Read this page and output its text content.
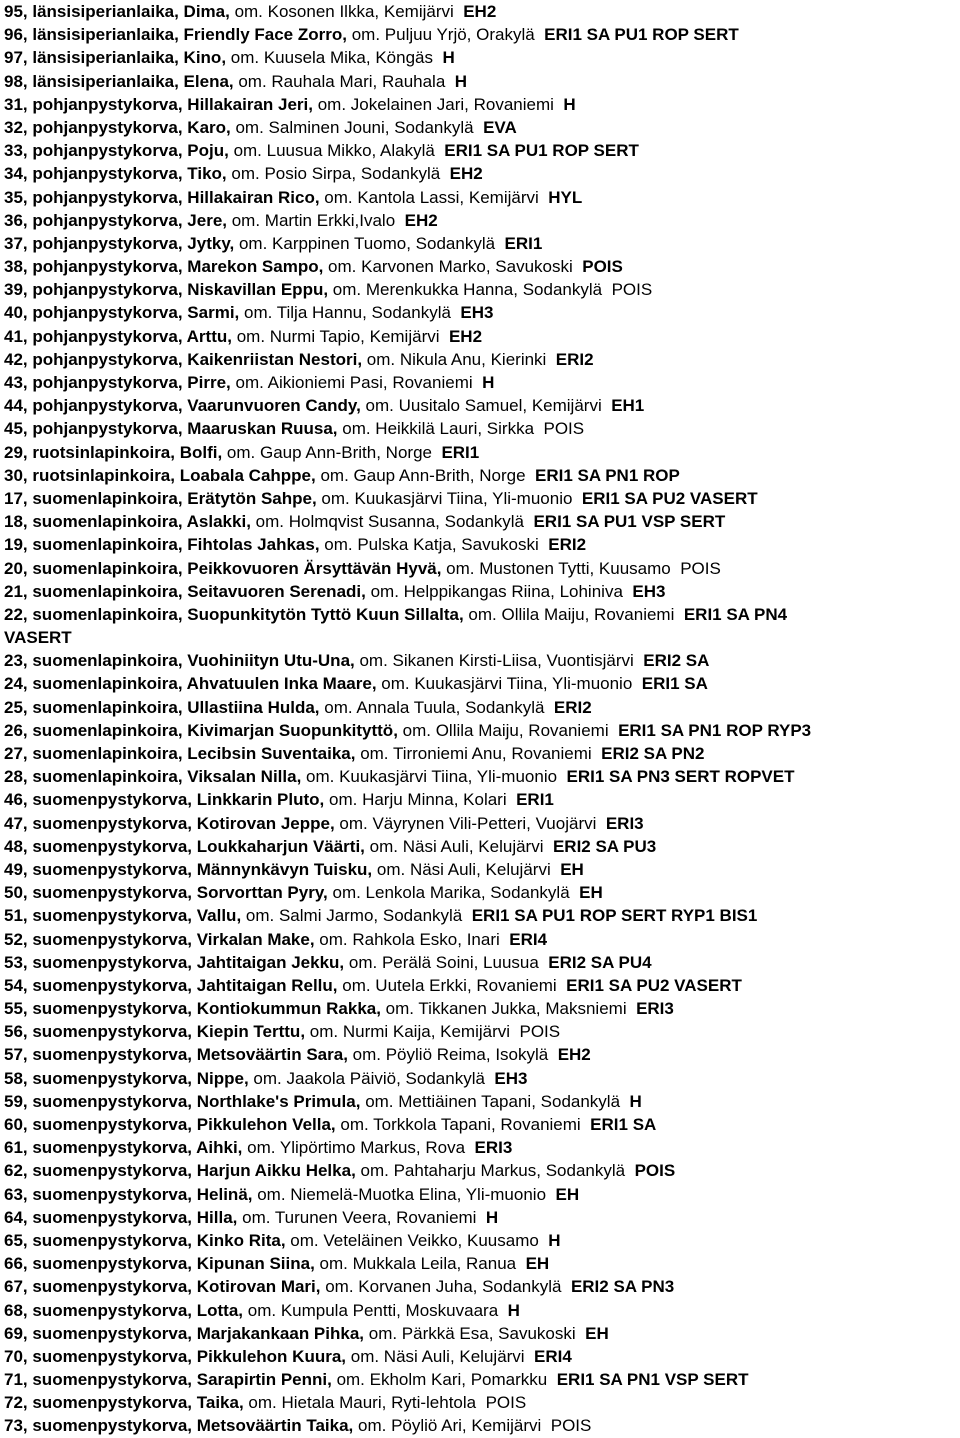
95, länsisiperianlaika, Dima, om. Kosonen Ilkka, Kemijärvi EH2
96, länsisiperianlaika, Friendly Face Zorro, om. Puljuu Yrjö, Orakylä ERI1 SA PU1 ROP SERT
97, länsisiperianlaika, Kino, om. Kuusela Mika, Köngäs H
98, länsisiperianlaika, Elena, om. Rauhala Mari, Rauhala H
31, pohjanpystykorva, Hillakairan Jeri, om. Jokelainen Jari, Rovaniemi H
32, pohjanpystykorva, Karo, om. Salminen Jouni, Sodankylä EVA
33, pohjanpystykorva, Poju, om. Luusua Mikko, Alakylä ERI1 SA PU1 ROP SERT
34, pohjanpystykorva, Tiko, om. Posio Sirpa, Sodankylä EH2
35, pohjanpystykorva, Hillakairan Rico, om. Kantola Lassi, Kemijärvi HYL
36, pohjanpystykorva, Jere, om. Martin Erkki,Ivalo EH2
37, pohjanpystykorva, Jytky, om. Karppinen Tuomo, Sodankylä ERI1
38, pohjanpystykorva, Marekon Sampo, om. Karvonen Marko, Savukoski POIS
39, pohjanpystykorva, Niskavillan Eppu, om. Merenkukka Hanna, Sodankylä POIS
40, pohjanpystykorva, Sarmi, om. Tilja Hannu, Sodankylä EH3
41, pohjanpystykorva, Arttu, om. Nurmi Tapio, Kemijärvi EH2
42, pohjanpystykorva, Kaikenriistan Nestori, om. Nikula Anu, Kierinki ERI2
43, pohjanpystykorva, Pirre, om. Aikioniemi Pasi, Rovaniemi H
44, pohjanpystykorva, Vaarunvuoren Candy, om. Uusitalo Samuel, Kemijärvi EH1
45, pohjanpystykorva, Maaruskan Ruusa, om. Heikkilä Lauri, Sirkka POIS
29, ruotsinlapinkoira, Bolfi, om. Gaup Ann-Brith, Norge ERI1
30, ruotsinlapinkoira, Loabala Cahppe, om. Gaup Ann-Brith, Norge ERI1 SA PN1 ROP
17, suomenlapinkoira, Erätytön Sahpe, om. Kuukasjärvi Tiina, Yli-muonio ERI1 SA PU2 VASERT
18, suomenlapinkoira, Aslakki, om. Holmqvist Susanna, Sodankylä ERI1 SA PU1 VSP SERT
19, suomenlapinkoira, Fihtolas Jahkas, om. Pulska Katja, Savukoski ERI2
20, suomenlapinkoira, Peikkovuoren Ärsyttävän Hyvä, om. Mustonen Tytti, Kuusamo POIS
21, suomenlapinkoira, Seitavuoren Serenadi, om. Helppikangas Riina, Lohiniva EH3
22, suomenlapinkoira, Suopunkitytön Tyttö Kuun Sillalta, om. Ollila Maiju, Rovaniemi ERI1 SA PN4
VASERT
23, suomenlapinkoira, Vuohiniityn Utu-Una, om. Sikanen Kirsti-Liisa, Vuontisjärvi ERI2 SA
24, suomenlapinkoira, Ahvatuulen Inka Maare, om. Kuukasjärvi Tiina, Yli-muonio ERI1 SA
25, suomenlapinkoira, Ullastiina Hulda, om. Annala Tuula, Sodankylä ERI2
26, suomenlapinkoira, Kivimarjan Suopunkityttö, om. Ollila Maiju, Rovaniemi ERI1 SA PN1 ROP RYP3
27, suomenlapinkoira, Lecibsin Suventaika, om. Tirroniemi Anu, Rovaniemi ERI2 SA PN2
28, suomenlapinkoira, Viksalan Nilla, om. Kuukasjärvi Tiina, Yli-muonio ERI1 SA PN3 SERT ROPVET
46, suomenpystykorva, Linkkarin Pluto, om. Harju Minna, Kolari ERI1
47, suomenpystykorva, Kotirovan Jeppe, om. Väyrynen Vili-Petteri, Vuojärvi ERI3
48, suomenpystykorva, Loukkaharjun Väärti, om. Näsi Auli, Kelujärvi ERI2 SA PU3
49, suomenpystykorva, Männynkävyn Tuisku, om. Näsi Auli, Kelujärvi EH
50, suomenpystykorva, Sorvorttan Pyry, om. Lenkola Marika, Sodankylä EH
51, suomenpystykorva, Vallu, om. Salmi Jarmo, Sodankylä ERI1 SA PU1 ROP SERT RYP1 BIS1
52, suomenpystykorva, Virkalan Make, om. Rahkola Esko, Inari ERI4
53, suomenpystykorva, Jahtitaigan Jekku, om. Perälä Soini, Luusua ERI2 SA PU4
54, suomenpystykorva, Jahtitaigan Rellu, om. Uutela Erkki, Rovaniemi ERI1 SA PU2 VASERT
55, suomenpystykorva, Kontiokummun Rakka, om. Tikkanen Jukka, Maksniemi ERI3
56, suomenpystykorva, Kiepin Terttu, om. Nurmi Kaija, Kemijärvi POIS
57, suomenpystykorva, Metsoväärtin Sara, om. Pöyliö Reima, Isokylä EH2
58, suomenpystykorva, Nippe, om. Jaakola Päiviö, Sodankylä EH3
59, suomenpystykorva, Northlake's Primula, om. Mettiäinen Tapani, Sodankylä H
60, suomenpystykorva, Pikkulehon Vella, om. Torkkola Tapani, Rovaniemi ERI1 SA
61, suomenpystykorva, Aihki, om. Ylipörtimo Markus, Rova ERI3
62, suomenpystykorva, Harjun Aikku Helka, om. Pahtaharju Markus, Sodankylä POIS
63, suomenpystykorva, Helinä, om. Niemelä-Muotka Elina, Yli-muonio EH
64, suomenpystykorva, Hilla, om. Turunen Veera, Rovaniemi H
65, suomenpystykorva, Kinko Rita, om. Veteläinen Veikko, Kuusamo H
66, suomenpystykorva, Kipunan Siina, om. Mukkala Leila, Ranua EH
67, suomenpystykorva, Kotirovan Mari, om. Korvanen Juha, Sodankylä ERI2 SA PN3
68, suomenpystykorva, Lotta, om. Kumpula Pentti, Moskuvaara H
69, suomenpystykorva, Marjakankaan Pihka, om. Pärkkä Esa, Savukoski EH
70, suomenpystykorva, Pikkulehon Kuura, om. Näsi Auli, Kelujärvi ERI4
71, suomenpystykorva, Sarapirtin Penni, om. Ekholm Kari, Pomarkku ERI1 SA PN1 VSP SERT
72, suomenpystykorva, Taika, om. Hietala Mauri, Ryti-lehtola POIS
73, suomenpystykorva, Metsoväärtin Taika, om. Pöyliö Ari, Kemijärvi POIS
